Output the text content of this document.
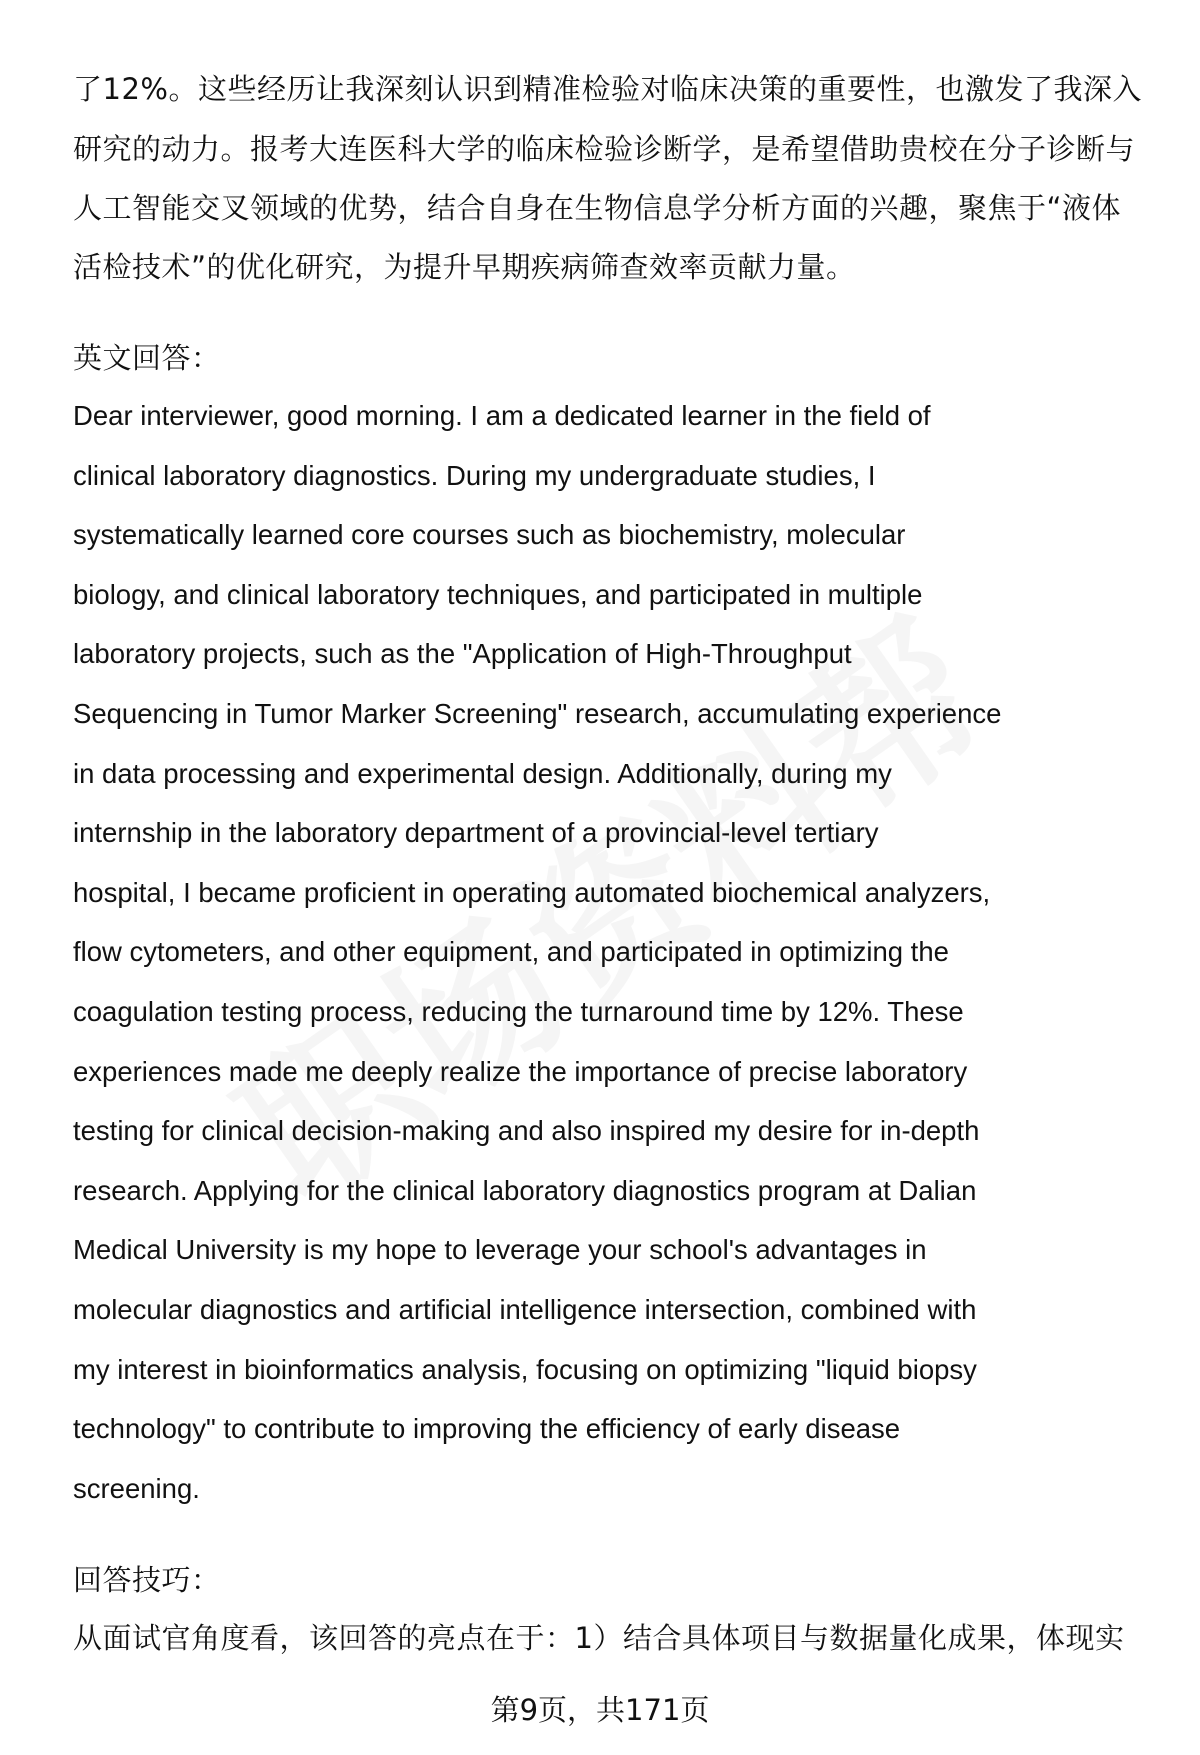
了12%。这些经历让我深刻认识到精准检验对临床决策的重要性，也激发了我深入
研究的动力。报考大连医科大学的临床检验诊断学，是希望借助贵校在分子诊断与
人工智能交叉领域的优势，结合自身在生物信息学分析方面的兴趣，聚焦于“液体
活检技术”的优化研究，为提升早期疾病筛查效率贡献力量。
英文回答：
Dear interviewer, good morning. I am a dedicated learner in the field of
clinical laboratory diagnostics. During my undergraduate studies, I
systematically learned core courses such as biochemistry, molecular
biology, and clinical laboratory techniques, and participated in multiple
laboratory projects, such as the "Application of High-Throughput
Sequencing in Tumor Marker Screening" research, accumulating experience
in data processing and experimental design. Additionally, during my
internship in the laboratory department of a provincial-level tertiary
hospital, I became proficient in operating automated biochemical analyzers,
flow cytometers, and other equipment, and participated in optimizing the
coagulation testing process, reducing the turnaround time by 12%. These
experiences made me deeply realize the importance of precise laboratory
testing for clinical decision-making and also inspired my desire for in-depth
research. Applying for the clinical laboratory diagnostics program at Dalian
Medical University is my hope to leverage your school's advantages in
molecular diagnostics and artificial intelligence intersection, combined with
my interest in bioinformatics analysis, focusing on optimizing "liquid biopsy
technology" to contribute to improving the efficiency of early disease
screening.
回答技巧：
从面试官角度看，该回答的亮点在于：1）结合具体项目与数据量化成果，体现实
第9页，共171页
